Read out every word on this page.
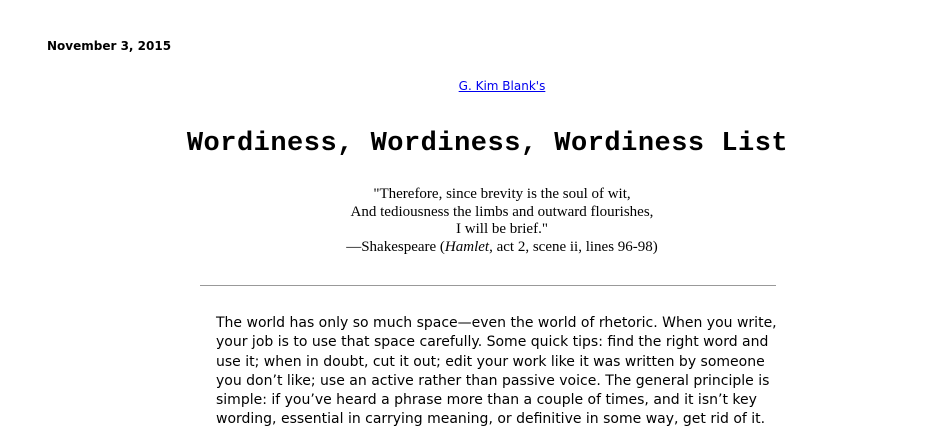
November 3, 2015
G. Kim Blank's
Wordiness, Wordiness, Wordiness List
"Therefore, since brevity is the soul of wit,
And tediousness the limbs and outward flourishes,
I will be brief."
—Shakespeare (Hamlet, act 2, scene ii, lines 96-98)

The world has only so much space—even the world of rhetoric. When you write,
your job is to use that space carefully. Some quick tips: find the right word and
use it; when in doubt, cut it out; edit your work like it was written by someone
you don’t like; use an active rather than passive voice. The general principle is
simple: if you’ve heard a phrase more than a couple of times, and it isn’t key
wording, essential in carrying meaning, or definitive in some way, get rid of it.
